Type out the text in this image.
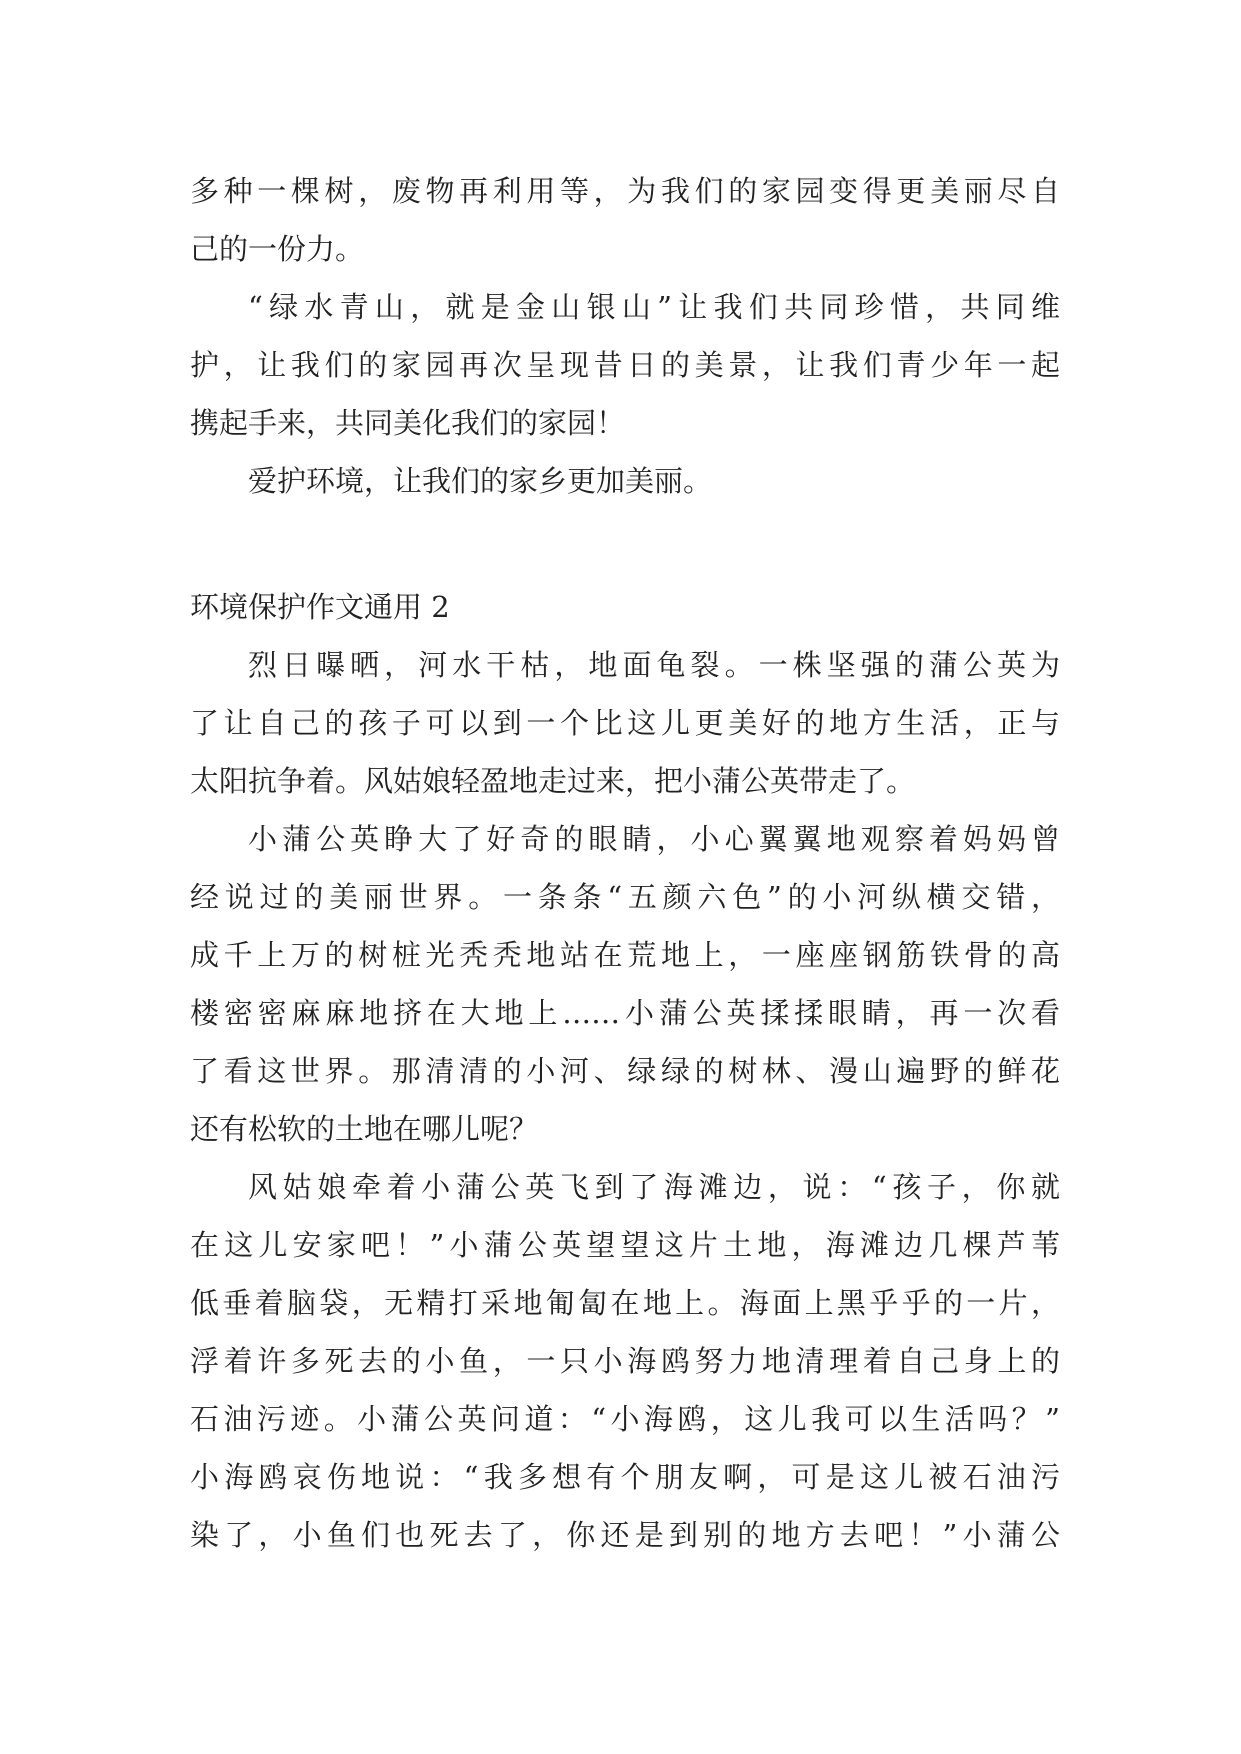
多种一棵树，废物再利用等，为我们的家园变得更美丽尽自
己的一份力。
“绿水青山，就是金山银山”让我们共同珍惜，共同维
护，让我们的家园再次呈现昔日的美景，让我们青少年一起
携起手来，共同美化我们的家园！
爱护环境，让我们的家乡更加美丽。
环境保护作文通用 2
烈日曝晒，河水干枯，地面龟裂。一株坚强的蒲公英为
了让自己的孩子可以到一个比这儿更美好的地方生活，正与
太阳抗争着。风姑娘轻盈地走过来，把小蒲公英带走了。
小蒲公英睁大了好奇的眼睛，小心翼翼地观察着妈妈曾
经说过的美丽世界。一条条“五颜六色”的小河纵横交错，
成千上万的树桩光秃秃地站在荒地上，一座座钢筋铁骨的高
楼密密麻麻地挤在大地上……小蒲公英揉揉眼睛，再一次看
了看这世界。那清清的小河、绿绿的树林、漫山遍野的鲜花
还有松软的土地在哪儿呢？
风姑娘牵着小蒲公英飞到了海滩边，说：“孩子，你就
在这儿安家吧！”小蒲公英望望这片土地，海滩边几棵芦苇
低垂着脑袋，无精打采地匍匐在地上。海面上黑乎乎的一片，
浮着许多死去的小鱼，一只小海鸥努力地清理着自己身上的
石油污迹。小蒲公英问道：“小海鸥，这儿我可以生活吗？”
小海鸥哀伤地说：“我多想有个朋友啊，可是这儿被石油污
染了，小鱼们也死去了，你还是到别的地方去吧！”小蒲公
